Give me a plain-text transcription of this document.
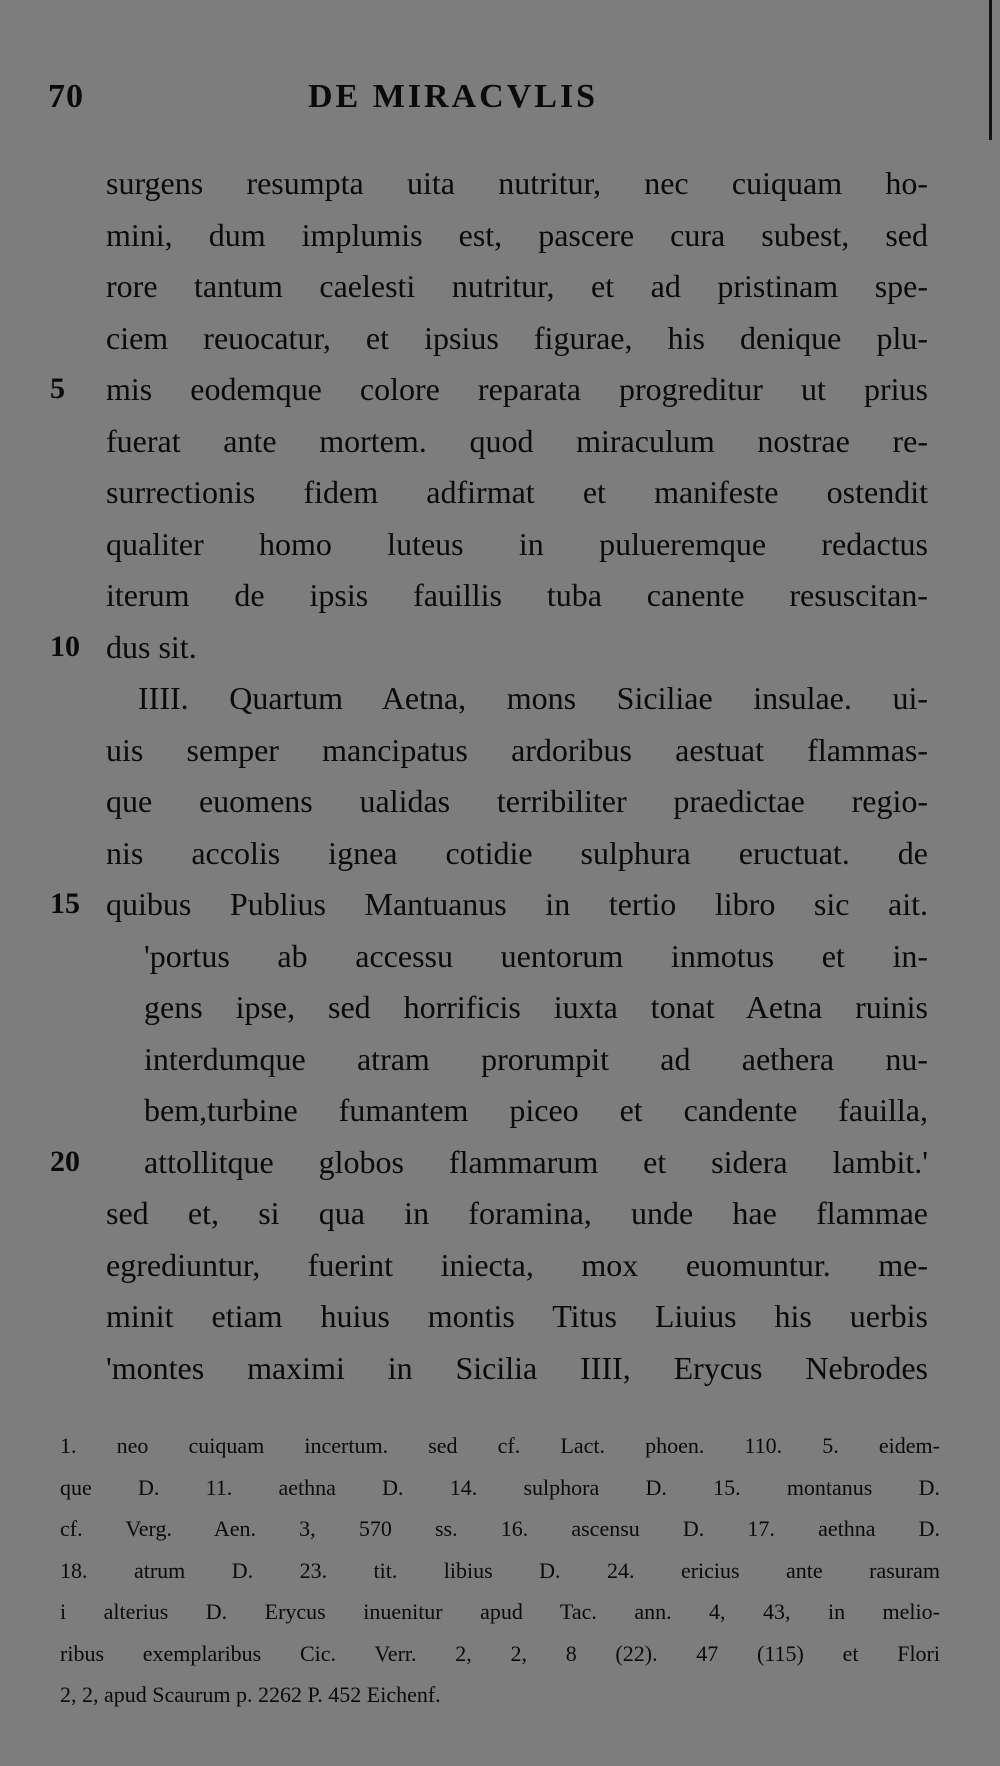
70	DE MIRACVLIS
surgens resumpta uita nutritur, nec cuiquam ho-
mini, dum implumis est, pascere cura subest, sed
rore tantum caelesti nutritur, et ad pristinam spe-
ciem reuocatur, et ipsius figurae, his denique plu-
5	mis eodemque colore reparata progreditur ut prius
fuerat ante mortem. quod miraculum nostrae re-
surrectionis fidem adfirmat et manifeste ostendit
qualiter homo luteus in pulueremque redactus
iterum de ipsis fauillis tuba canente resuscitan-
10 dus sit.
IIII. Quartum Aetna, mons Siciliae insulae. ui-
uis semper mancipatus ardoribus aestuat flammas-
que euomens ualidas terribiliter praedictae regio-
nis accolis ignea cotidie sulphura eructuat. de
15 quibus Publius Mantuanus in tertio libro sic ait.
'portus ab accessu uentorum inmotus et in-
gens ipse, sed horrificis iuxta tonat Aetna ruinis
interdumque atram prorumpit ad aethera nu-
bem,turbine fumantem piceo et candente fauilla,
20	attollitque globos flammarum et sidera lambit.'
sed et, si qua in foramina, unde hae flammae
egrediuntur, fuerint iniecta, mox euomuntur. me-
minit etiam huius montis Titus Liuius his uerbis
'montes maximi in Sicilia IIII, Erycus Nebrodes
1. neo cuiquam incertum. sed cf. Lact. phoen. 110. 5. eidem-
que D. 11. aethna D. 14. sulphora D. 15. montanus D.
cf. Verg. Aen. 3, 570 ss. 16. ascensu D. 17. aethna D.
18. atrum D. 23. tit. libius D. 24. ericius ante rasuram
i alterius D. Erycus inuenitur apud Tac. ann. 4, 43, in melio-
ribus exemplaribus Cic. Verr. 2, 2, 8 (22). 47 (115) et Flori
2, 2, apud Scaurum p. 2262 P. 452 Eichenf.
